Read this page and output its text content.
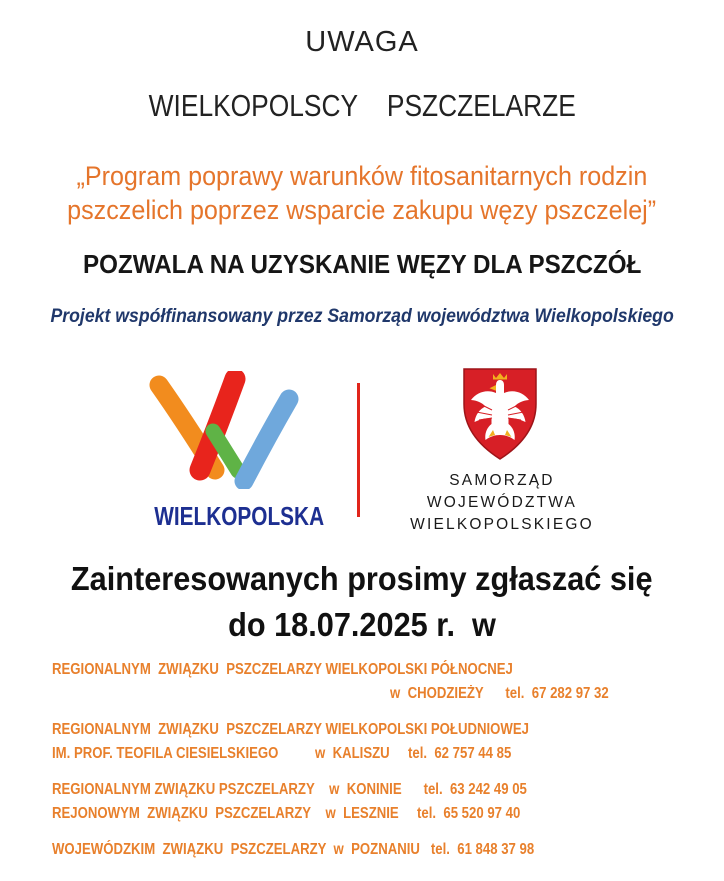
UWAGA
WIELKOPOLSCY    PSZCZELARZE
„Program poprawy warunków fitosanitarnych rodzin
pszczelich poprzez wsparcie zakupu węzy pszczelej”
POZWALA NA UZYSKANIE WĘZY DLA PSZCZÓŁ
Projekt współfinansowany przez Samorząd województwa Wielkopolskiego
WIELKOPOLSKA
SAMORZĄD
WOJEWÓDZTWA
WIELKOPOLSKIEGO
Zainteresowanych prosimy zgłaszać się
do 18.07.2025 r.  w
REGIONALNYM  ZWIĄZKU  PSZCZELARZY WIELKOPOLSKI PÓŁNOCNEJ
w  CHODZIEŻY      tel.  67 282 97 32
REGIONALNYM  ZWIĄZKU  PSZCZELARZY WIELKOPOLSKI POŁUDNIOWEJ
IM. PROF. TEOFILA CIESIELSKIEGO          w  KALISZU     tel.  62 757 44 85
REGIONALNYM ZWIĄZKU PSZCZELARZY    w  KONINIE      tel.  63 242 49 05
REJONOWYM  ZWIĄZKU  PSZCZELARZY    w  LESZNIE     tel.  65 520 97 40
WOJEWÓDZKIM  ZWIĄZKU  PSZCZELARZY  w  POZNANIU   tel.  61 848 37 98
